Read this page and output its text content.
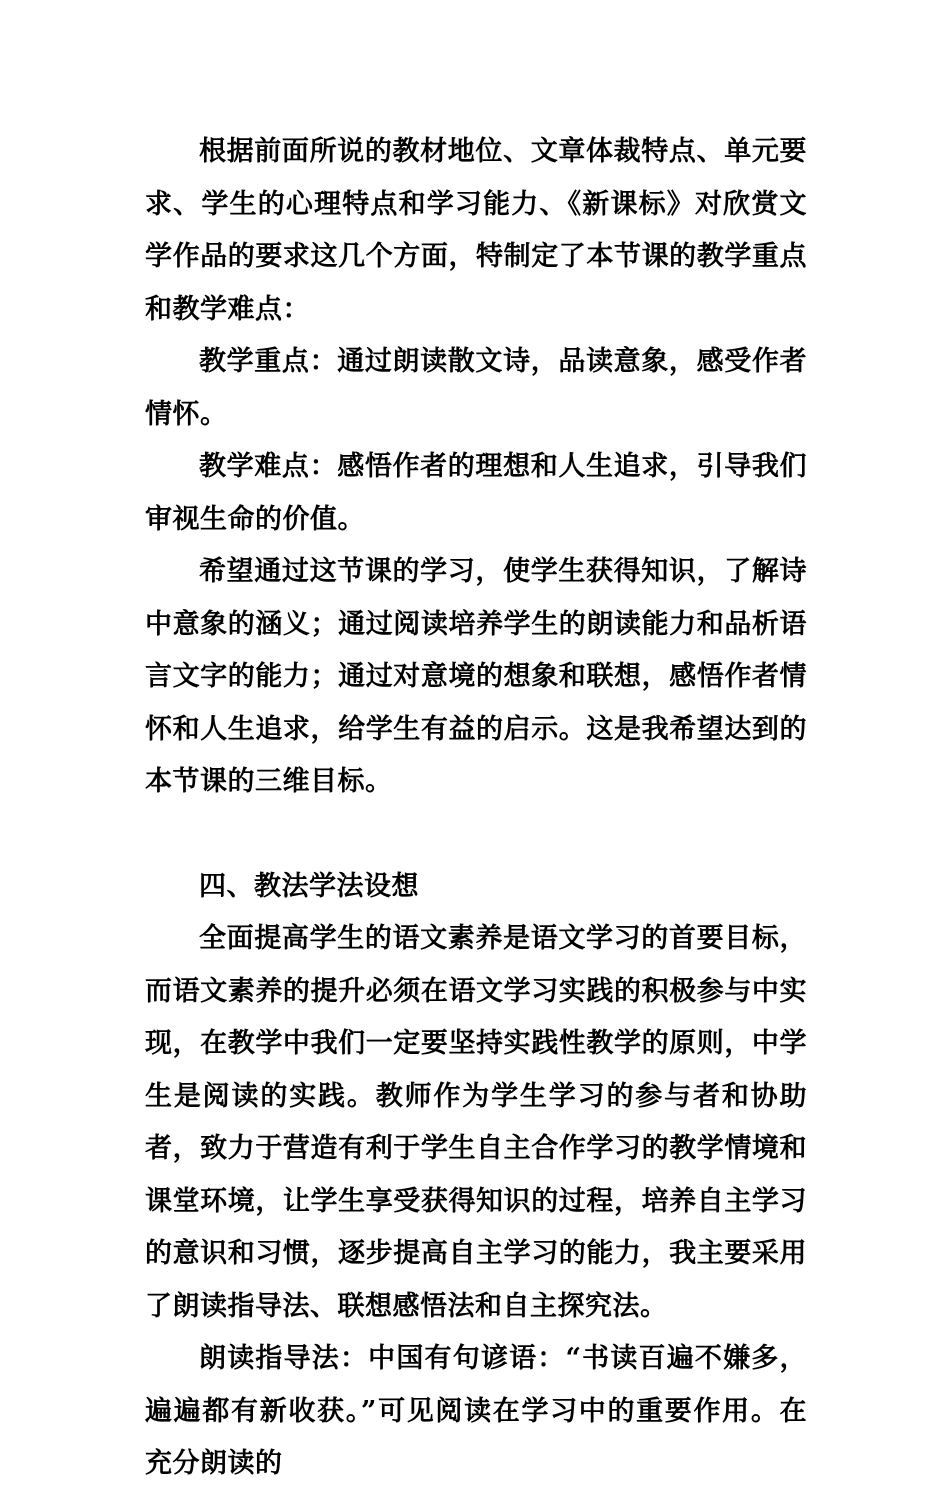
根据前面所说的教材地位、文章体裁特点、单元要求、学生的心理特点和学习能力、《新课标》对欣赏文学作品的要求这几个方面，特制定了本节课的教学重点和教学难点：

教学重点：通过朗读散文诗，品读意象，感受作者情怀。

教学难点：感悟作者的理想和人生追求，引导我们审视生命的价值。

希望通过这节课的学习，使学生获得知识，了解诗中意象的涵义；通过阅读培养学生的朗读能力和品析语言文字的能力；通过对意境的想象和联想，感悟作者情怀和人生追求，给学生有益的启示。这是我希望达到的本节课的三维目标。

四、教法学法设想

全面提高学生的语文素养是语文学习的首要目标，而语文素养的提升必须在语文学习实践的积极参与中实现，在教学中我们一定要坚持实践性教学的原则，中学生是阅读的实践。教师作为学生学习的参与者和协助者，致力于营造有利于学生自主合作学习的教学情境和课堂环境，让学生享受获得知识的过程，培养自主学习的意识和习惯，逐步提高自主学习的能力，我主要采用了朗读指导法、联想感悟法和自主探究法。

朗读指导法：中国有句谚语：“书读百遍不嫌多，遍遍都有新收获。”可见阅读在学习中的重要作用。在充分朗读的
